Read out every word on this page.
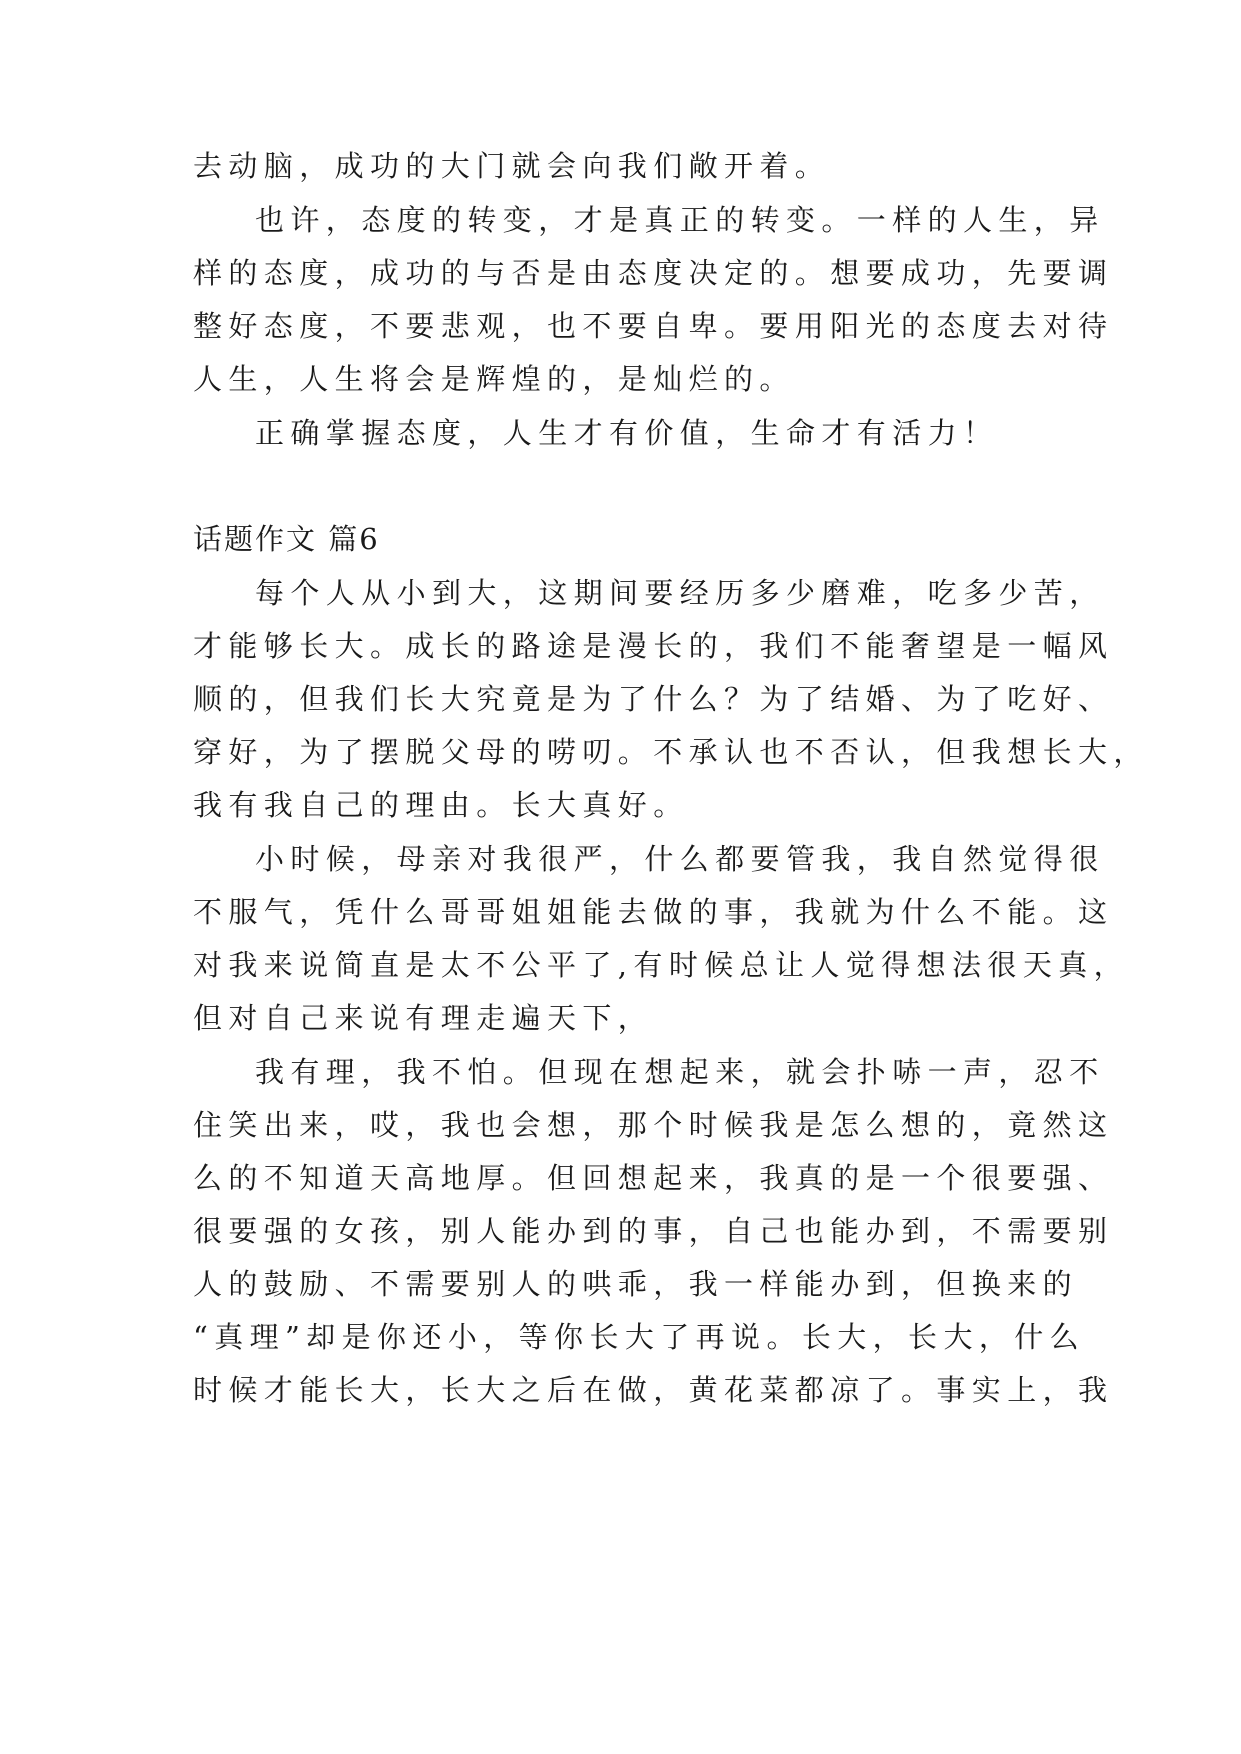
去动脑，成功的大门就会向我们敞开着。
也许，态度的转变，才是真正的转变。一样的人生，异
样的态度，成功的与否是由态度决定的。想要成功，先要调
整好态度，不要悲观，也不要自卑。要用阳光的态度去对待
人生，人生将会是辉煌的，是灿烂的。
正确掌握态度，人生才有价值，生命才有活力！
话题作文 篇6
每个人从小到大，这期间要经历多少磨难，吃多少苦，
才能够长大。成长的路途是漫长的，我们不能奢望是一幅风
顺的，但我们长大究竟是为了什么？为了结婚、为了吃好、
穿好，为了摆脱父母的唠叨。不承认也不否认，但我想长大，
我有我自己的理由。长大真好。
小时候，母亲对我很严，什么都要管我，我自然觉得很
不服气，凭什么哥哥姐姐能去做的事，我就为什么不能。这
对我来说简直是太不公平了,有时候总让人觉得想法很天真，
但对自己来说有理走遍天下，
我有理，我不怕。但现在想起来，就会扑哧一声，忍不
住笑出来，哎，我也会想，那个时候我是怎么想的，竟然这
么的不知道天高地厚。但回想起来，我真的是一个很要强、
很要强的女孩，别人能办到的事，自己也能办到，不需要别
人的鼓励、不需要别人的哄乖，我一样能办到，但换来的
“真理”却是你还小，等你长大了再说。长大，长大，什么
时候才能长大，长大之后在做，黄花菜都凉了。事实上，我
